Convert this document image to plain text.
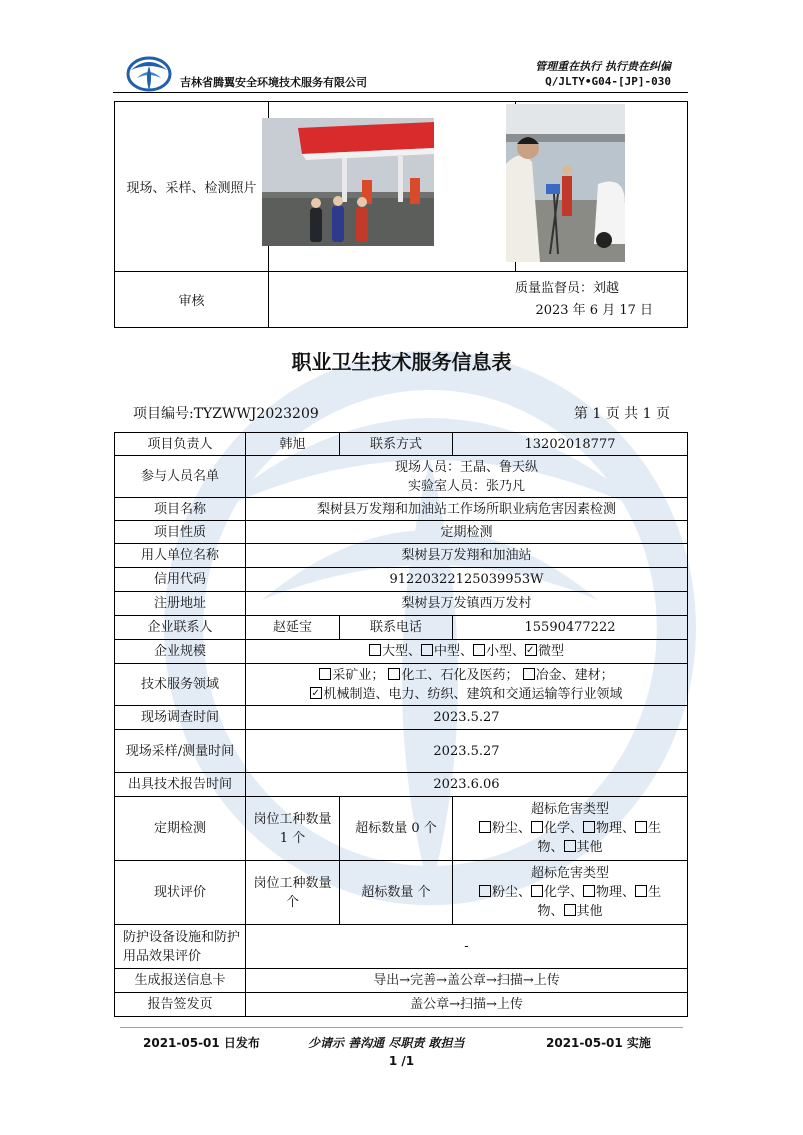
吉林省腾翼安全环境技术服务有限公司
管理重在执行 执行贵在纠偏
Q/JLTY•G04-[JP]-030
现场、采样、检测照片		
审核	质量监督员：刘越
2023 年 6 月 17 日	
职业卫生技术服务信息表
项目编号:TYZWWJ2023209	第 1 页 共 1 页
项目负责人	韩旭	联系方式	13202018777
参与人员名单	现场人员：王晶、鲁天纵
实验室人员：张乃凡		

项目名称	梨树县万发翔和加油站工作场所职业病危害因素检测		
项目性质	定期检测		
用人单位名称	梨树县万发翔和加油站		
信用代码	91220322125039953W		
注册地址	梨树县万发镇西万发村		
企业联系人	赵延宝	联系电话	15590477222
企业规模	大型、 中型、 小型、 ✓ 微型
技术服务领域	采矿业； 化工、石化及医药； 冶金、建材；
✓机械制造、电力、纺织、建筑和交通运输等行业领域

现场调查时间	2023.5.27		
现场采样/测量时间	2023.5.27		
出具技术报告时间	2023.6.06		
定期检测	岗位工种数量 1 个	超标数量 0 个	超标危害类型
粉尘、 化学、 物理、 生
物、 其他

现状评价	岗位工种数量 个	超标数量 个	超标危害类型
粉尘、 化学、 物理、 生
物、 其他

防护设备设施和防护用品效果评价	-		
生成报送信息卡	导出→完善→盖公章→扫描→上传		
报告签发页	盖公章→扫描→上传		
2021-05-01 日发布	少请示 善沟通 尽职责 敢担当	2021-05-01 实施
1 /1
